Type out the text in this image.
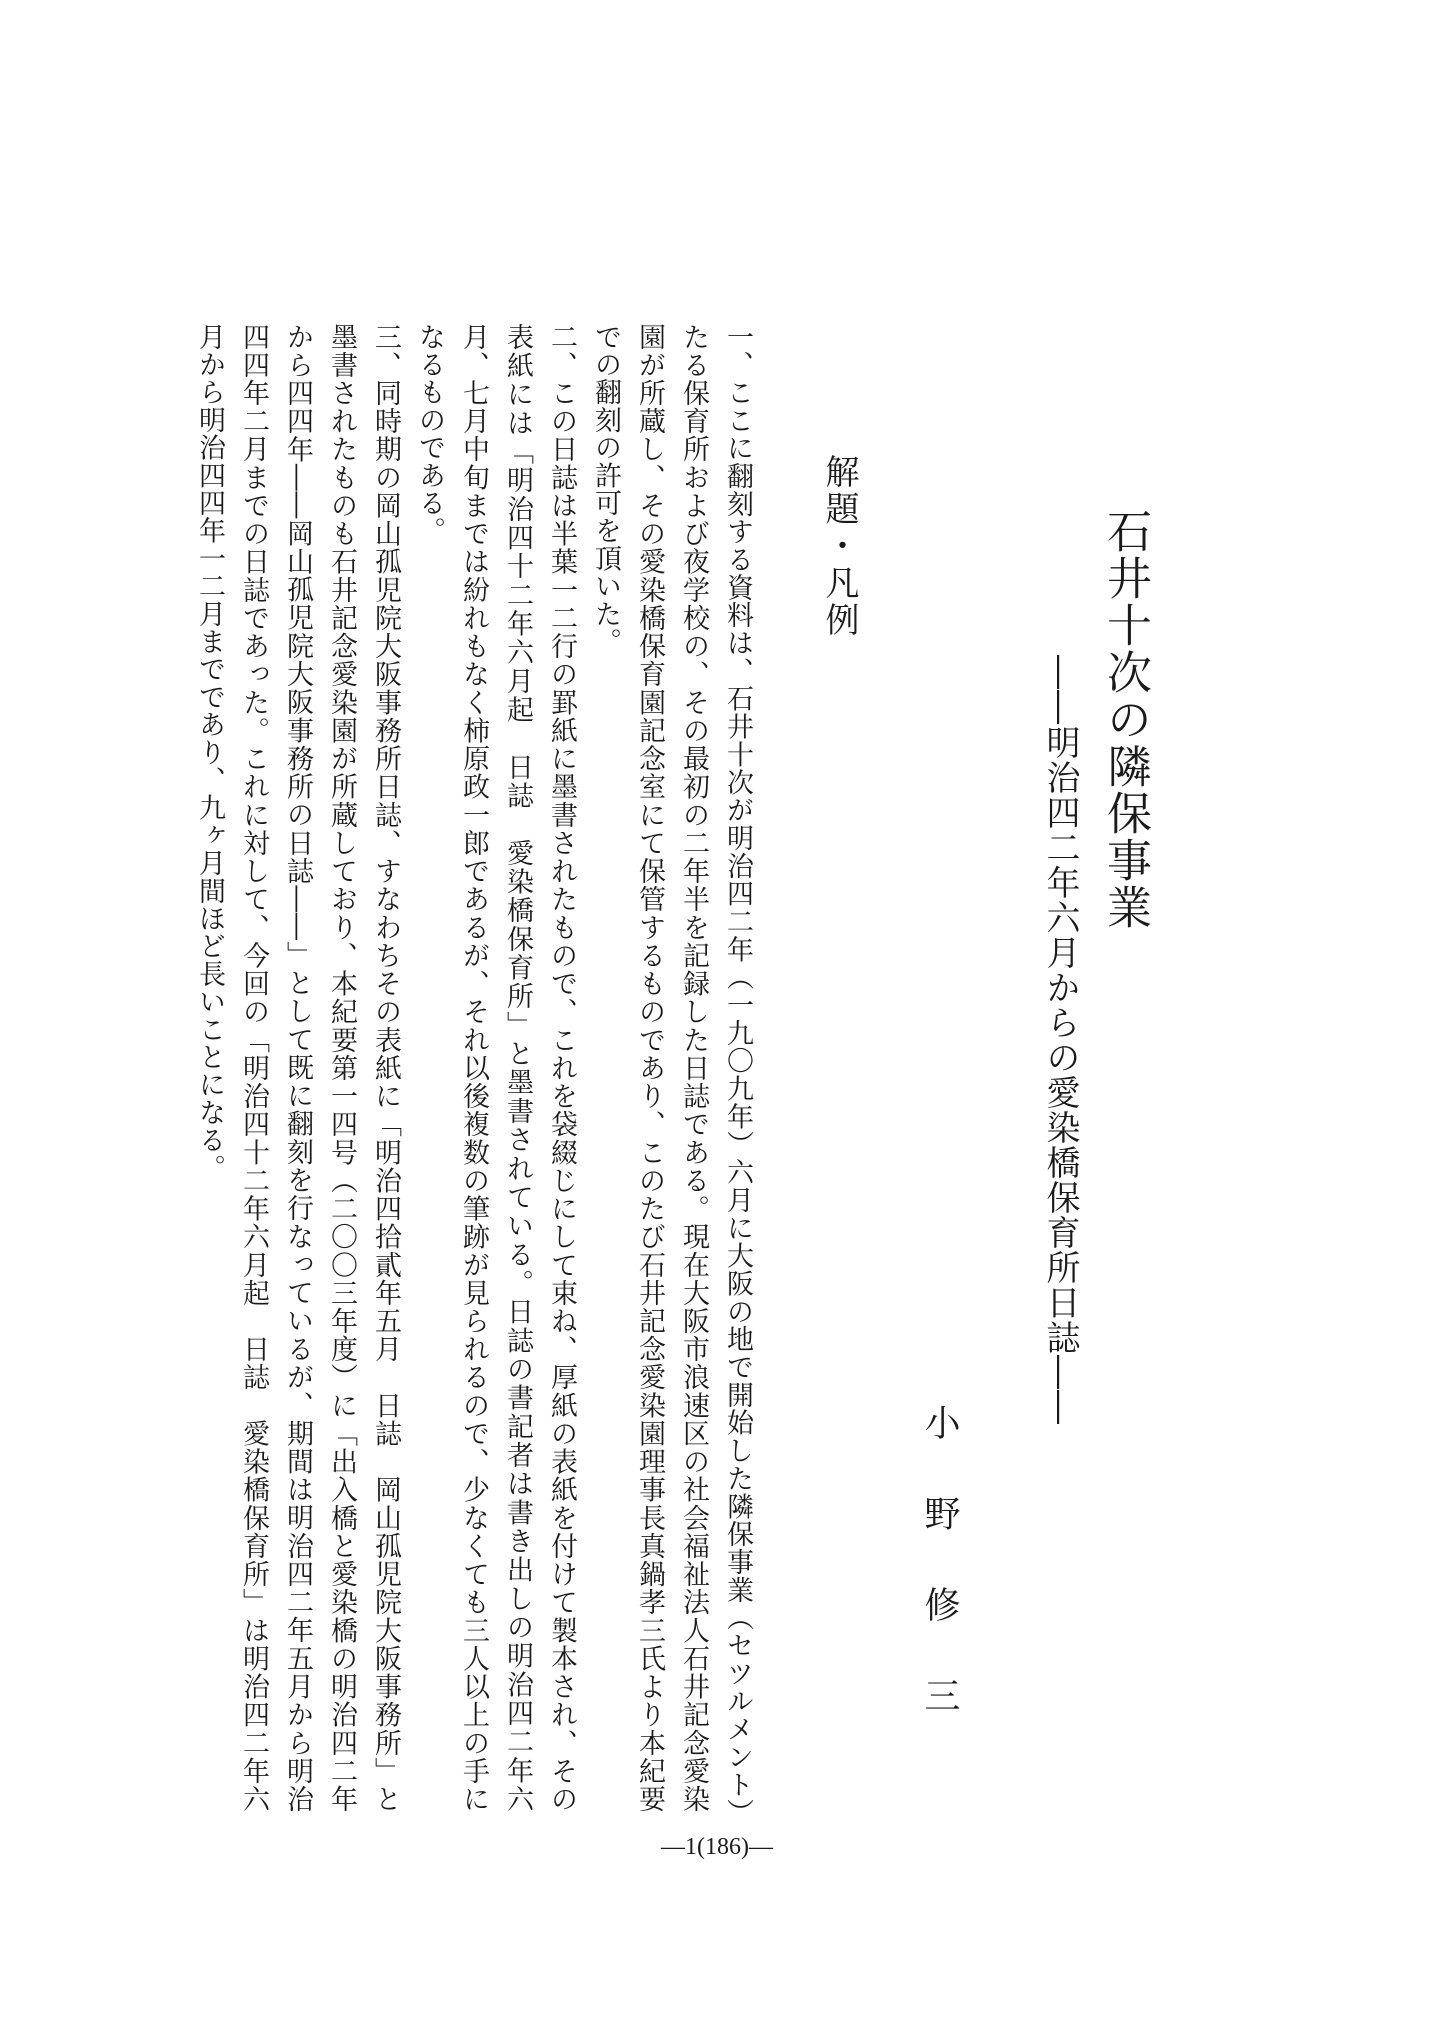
石井十次の隣保事業
――明治四二年六月からの愛染橋保育所日誌――
小野修三
解題・凡例

一、ここに翻刻する資料は、石井十次が明治四二年（一九〇九年）六月に大阪の地で開始した隣保事業（セツルメント）たる保育所および夜学校の、その最初の二年半を記録した日誌である。現在大阪市浪速区の社会福祉法人石井記念愛染園が所蔵し、その愛染橋保育園記念室にて保管するものであり、このたび石井記念愛染園理事長真鍋孝三氏より本紀要での翻刻の許可を頂いた。

二、この日誌は半葉一二行の罫紙に墨書されたもので、これを袋綴じにして束ね、厚紙の表紙を付けて製本され、その表紙には「明治四十二年六月起　日誌　愛染橋保育所」と墨書されている。日誌の書記者は書き出しの明治四二年六月、七月中旬までは紛れもなく柿原政一郎であるが、それ以後複数の筆跡が見られるので、少なくても三人以上の手になるものである。

三、同時期の岡山孤児院大阪事務所日誌、すなわちその表紙に「明治四拾貳年五月　日誌　岡山孤児院大阪事務所」と墨書されたものも石井記念愛染園が所蔵しており、本紀要第一四号（二〇〇三年度）に「出入橋と愛染橋の明治四二年から四四年――岡山孤児院大阪事務所の日誌――」として既に翻刻を行なっているが、期間は明治四二年五月から明治四四年二月までの日誌であった。これに対して、今回の「明治四十二年六月起　日誌　愛染橋保育所」は明治四二年六月から明治四四年一二月までであり、九ヶ月間ほど長いことになる。

―1(186)―
